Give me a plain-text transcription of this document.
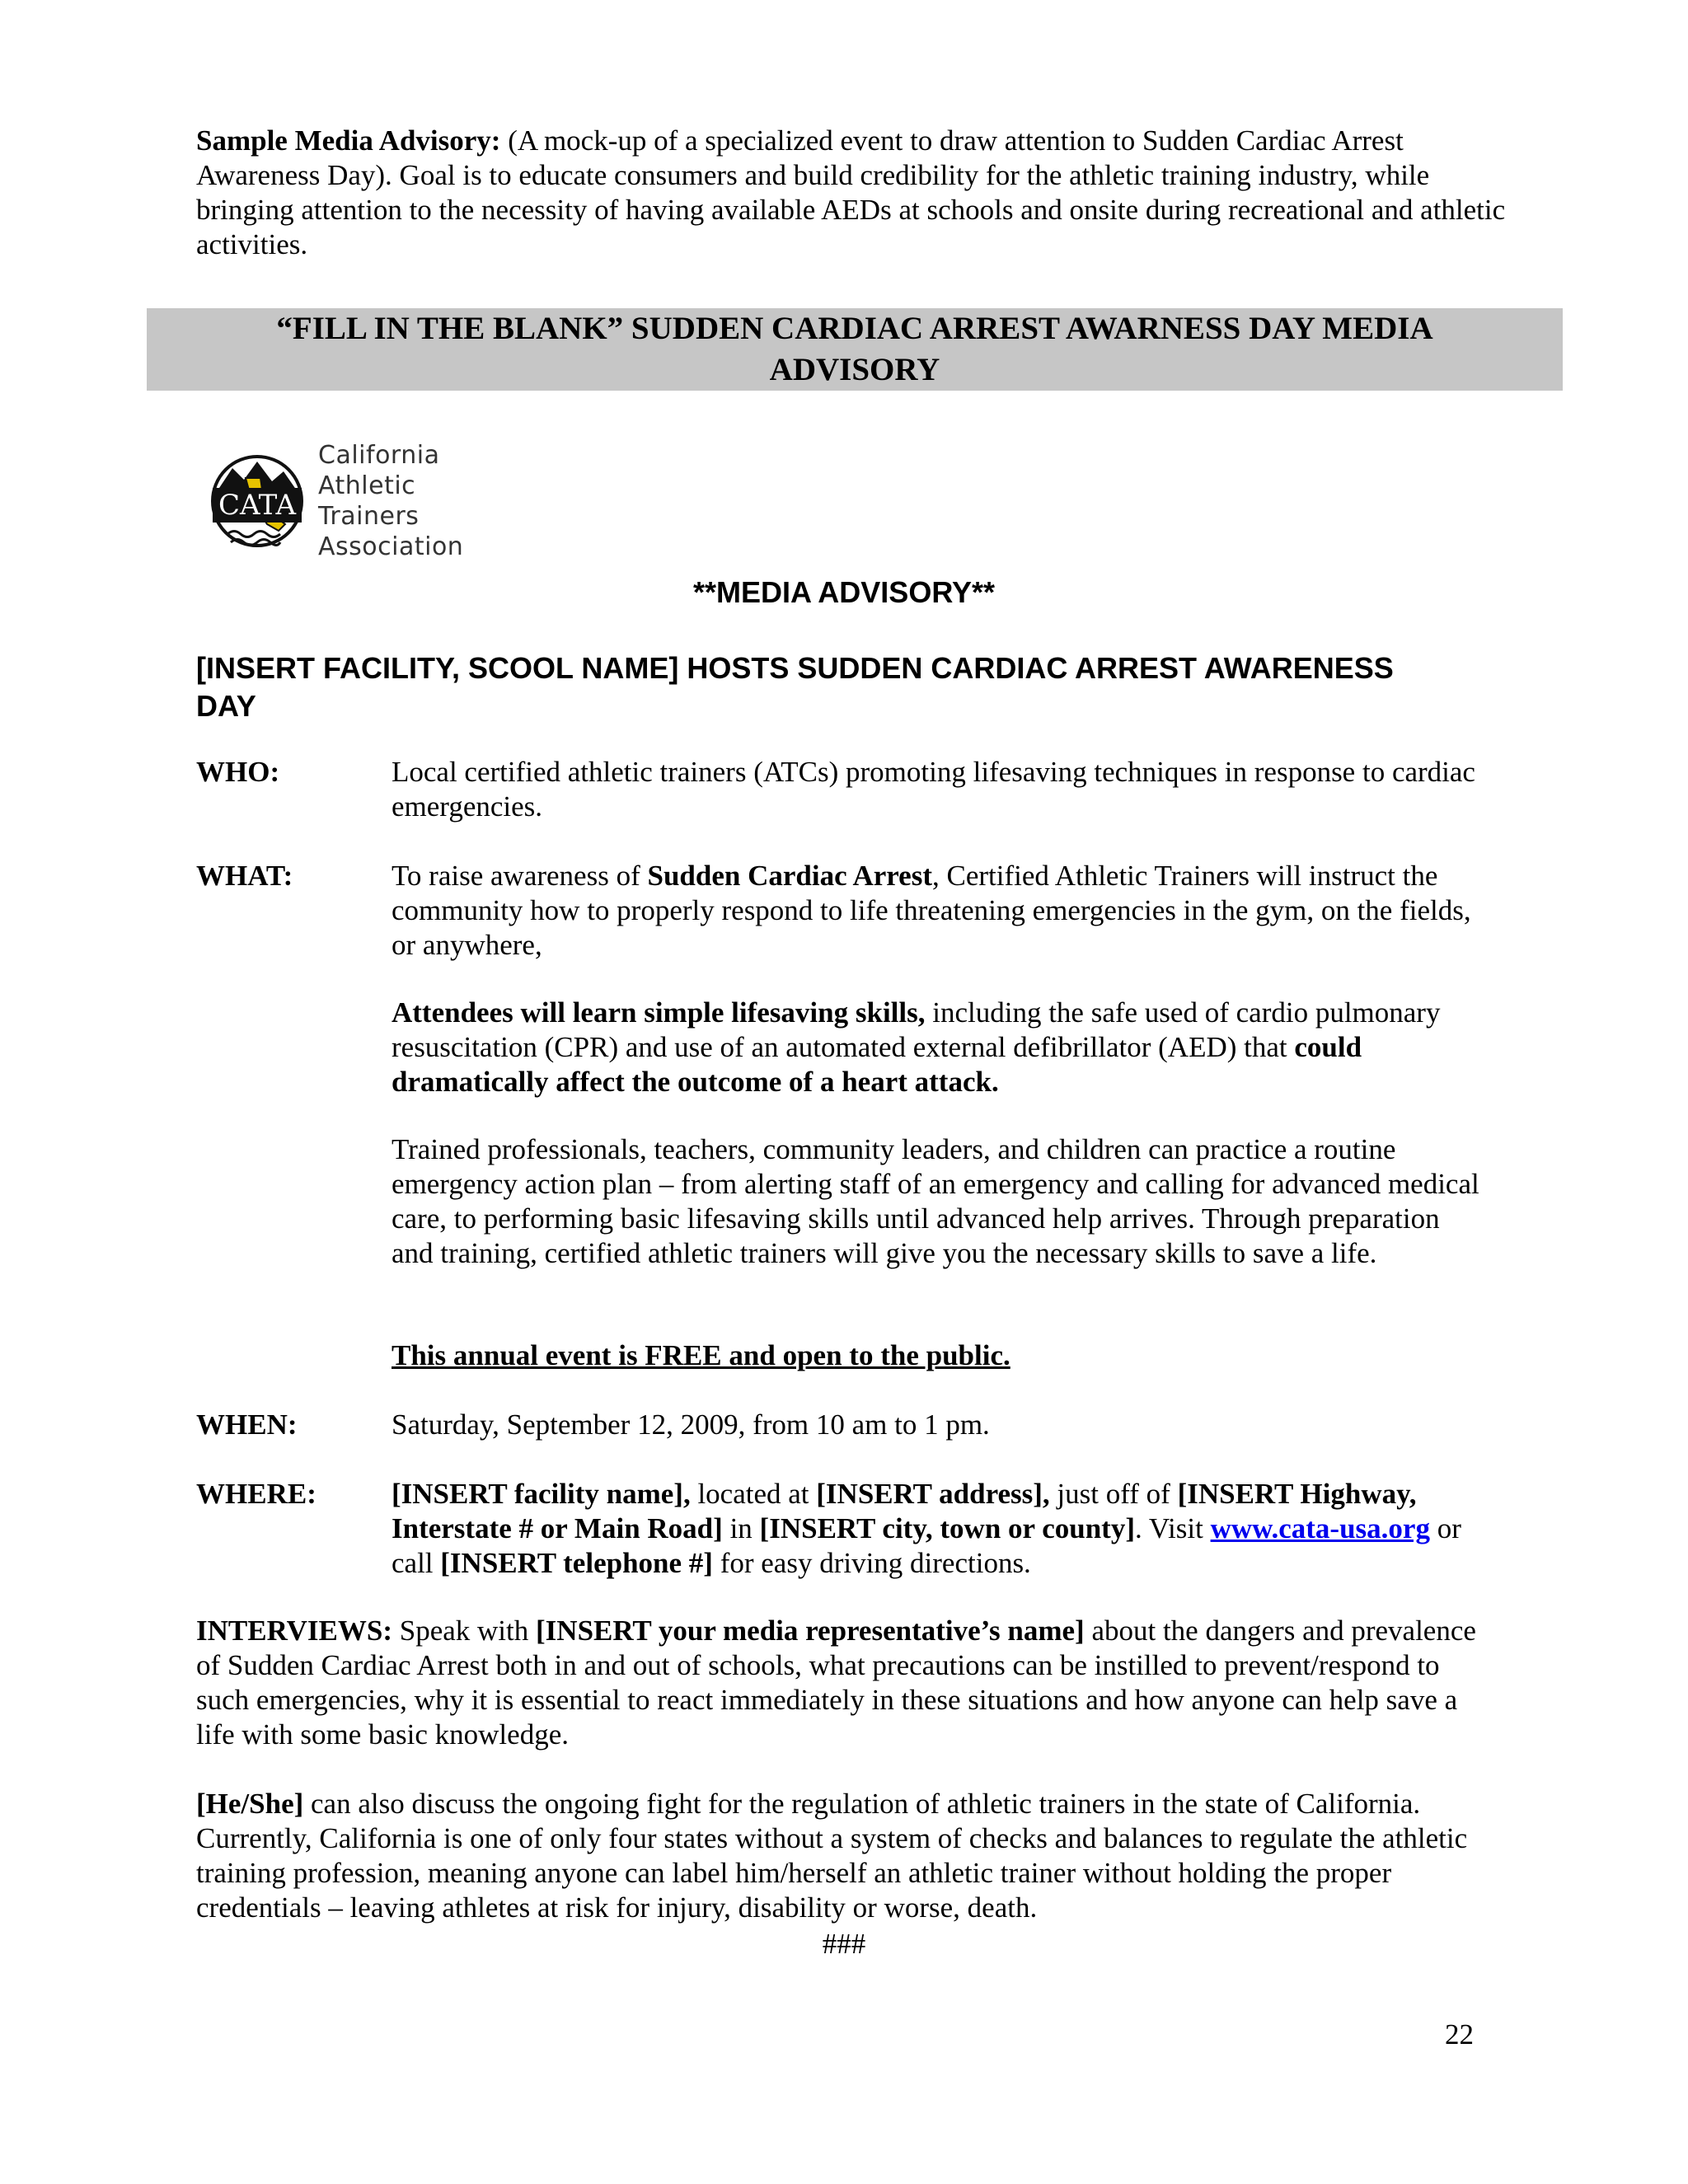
Sample Media Advisory: (A mock-up of a specialized event to draw attention to Sudden Cardiac Arrest Awareness Day). Goal is to educate consumers and build credibility for the athletic training industry, while bringing attention to the necessity of having available AEDs at schools and onsite during recreational and athletic activities.

“FILL IN THE BLANK” SUDDEN CARDIAC ARREST AWARNESS DAY MEDIA
ADVISORY
CATA
California
Athletic
Trainers
Association
**MEDIA ADVISORY**
[INSERT FACILITY, SCOOL NAME] HOSTS SUDDEN CARDIAC ARREST AWARENESS DAY
WHO:	Local certified athletic trainers (ATCs) promoting lifesaving techniques in response to cardiac emergencies.

WHAT:	To raise awareness of Sudden Cardiac Arrest, Certified Athletic Trainers will instruct the community how to properly respond to life threatening emergencies in the gym, on the fields, or anywhere,

Attendees will learn simple lifesaving skills, including the safe used of cardio pulmonary resuscitation (CPR) and use of an automated external defibrillator (AED) that could dramatically affect the outcome of a heart attack.

Trained professionals, teachers, community leaders, and children can practice a routine emergency action plan – from alerting staff of an emergency and calling for advanced medical care, to performing basic lifesaving skills until advanced help arrives. Through preparation and training, certified athletic trainers will give you the necessary skills to save a life.

This annual event is FREE and open to the public.

WHEN:	Saturday, September 12, 2009, from 10 am to 1 pm.

WHERE:	[INSERT facility name], located at [INSERT address], just off of [INSERT Highway, Interstate # or Main Road] in [INSERT city, town or county]. Visit www.cata-usa.org or call [INSERT telephone #] for easy driving directions.

INTERVIEWS: Speak with [INSERT your media representative’s name] about the dangers and prevalence of Sudden Cardiac Arrest both in and out of schools, what precautions can be instilled to prevent/respond to such emergencies, why it is essential to react immediately in these situations and how anyone can help save a life with some basic knowledge.

[He/She] can also discuss the ongoing fight for the regulation of athletic trainers in the state of California. Currently, California is one of only four states without a system of checks and balances to regulate the athletic training profession, meaning anyone can label him/herself an athletic trainer without holding the proper credentials – leaving athletes at risk for injury, disability or worse, death.

###
22
